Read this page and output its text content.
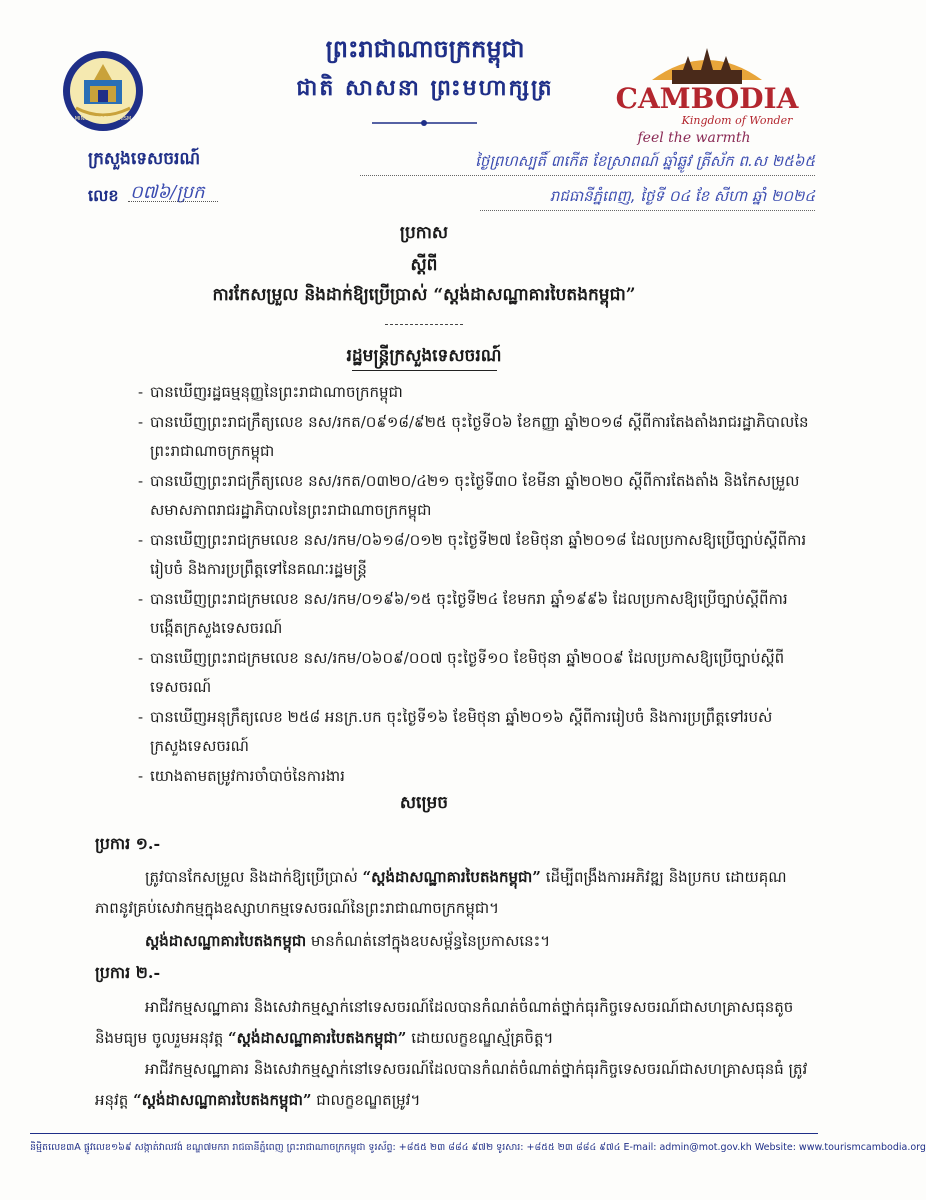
MINISTRY OF TOURISM
CAMBODIA
Kingdom of Wonder
feel the warmth
ព្រះរាជាណាចក្រកម្ពុជា
ជាតិ សាសនា ព្រះមហាក្សត្រ
ក្រសួងទេសចរណ៍
លេខ ០៧៦/ប្រក
ថ្ងៃព្រហស្បតិ៍ ៣កើត ខែស្រាពណ៍ ឆ្នាំឆ្លូវ ត្រីស័ក ព.ស ២៥៦៥
រាជធានីភ្នំពេញ, ថ្ងៃទី ០៤ ខែ សីហា ឆ្នាំ ២០២៤
ប្រកាស
ស្តីពី
ការកែសម្រួល និងដាក់ឱ្យប្រើប្រាស់ “ស្តង់ដាសណ្ឋាគារបៃតងកម្ពុជា”
រដ្ឋមន្ត្រីក្រសួងទេសចរណ៍
- បានឃើញរដ្ឋធម្មនុញ្ញនៃព្រះរាជាណាចក្រកម្ពុជា
- បានឃើញព្រះរាជក្រឹត្យលេខ នស/រកត/០៩១៨/៩២៥ ចុះថ្ងៃទី០៦ ខែកញ្ញា ឆ្នាំ២០១៨ ស្តីពីការតែងតាំងរាជរដ្ឋាភិបាលនៃព្រះរាជាណាចក្រកម្ពុជា
- បានឃើញព្រះរាជក្រឹត្យលេខ នស/រកត/០៣២០/៤២១ ចុះថ្ងៃទី៣០ ខែមីនា ឆ្នាំ២០២០ ស្តីពីការតែងតាំង និងកែសម្រួលសមាសភាពរាជរដ្ឋាភិបាលនៃព្រះរាជាណាចក្រកម្ពុជា
- បានឃើញព្រះរាជក្រមលេខ នស/រកម/០៦១៨/០១២ ចុះថ្ងៃទី២៧ ខែមិថុនា ឆ្នាំ២០១៨ ដែលប្រកាសឱ្យប្រើច្បាប់ស្តីពីការរៀបចំ និងការប្រព្រឹត្តទៅនៃគណៈរដ្ឋមន្ត្រី
- បានឃើញព្រះរាជក្រមលេខ នស/រកម/០១៩៦/១៥ ចុះថ្ងៃទី២៤ ខែមករា ឆ្នាំ១៩៩៦ ដែលប្រកាសឱ្យប្រើច្បាប់ស្តីពីការបង្កើតក្រសួងទេសចរណ៍
- បានឃើញព្រះរាជក្រមលេខ នស/រកម/០៦០៩/០០៧ ចុះថ្ងៃទី១០ ខែមិថុនា ឆ្នាំ២០០៩ ដែលប្រកាសឱ្យប្រើច្បាប់ស្តីពីទេសចរណ៍
- បានឃើញអនុក្រឹត្យលេខ ២៥៨ អនក្រ.បក ចុះថ្ងៃទី១៦ ខែមិថុនា ឆ្នាំ២០១៦ ស្តីពីការរៀបចំ និងការប្រព្រឹត្តទៅរបស់ក្រសួងទេសចរណ៍
- យោងតាមតម្រូវការចាំបាច់នៃការងារ
សម្រេច
ប្រការ ១.-
ត្រូវបានកែសម្រួល និងដាក់ឱ្យប្រើប្រាស់ “ស្តង់ដាសណ្ឋាគារបៃតងកម្ពុជា” ដើម្បីពង្រឹងការអភិវឌ្ឍ និងប្រកប ដោយគុណភាពនូវគ្រប់សេវាកម្មក្នុងឧស្សាហកម្មទេសចរណ៍នៃព្រះរាជាណាចក្រកម្ពុជា។
ស្តង់ដាសណ្ឋាគារបៃតងកម្ពុជា មានកំណត់នៅក្នុងឧបសម្ព័ន្ធនៃប្រកាសនេះ។
ប្រការ ២.-
អាជីវកម្មសណ្ឋាគារ និងសេវាកម្មស្នាក់នៅទេសចរណ៍ដែលបានកំណត់ចំណាត់ថ្នាក់ធុរកិច្ចទេសចរណ៍ជាសហគ្រាសធុនតូច និងមធ្យម ចូលរួមអនុវត្ត “ស្តង់ដាសណ្ឋាគារបៃតងកម្ពុជា” ដោយលក្ខខណ្ឌស្ម័គ្រចិត្ត។
អាជីវកម្មសណ្ឋាគារ និងសេវាកម្មស្នាក់នៅទេសចរណ៍ដែលបានកំណត់ចំណាត់ថ្នាក់ធុរកិច្ចទេសចរណ៍ជាសហគ្រាសធុនធំ ត្រូវអនុវត្ត “ស្តង់ដាសណ្ឋាគារបៃតងកម្ពុជា” ជាលក្ខខណ្ឌតម្រូវ។
និម្មិតលេខ៣A ផ្លូវលេខ១៦៩ សង្កាត់វាលវង់ ខណ្ឌ៧មករា រាជធានីភ្នំពេញ ព្រះរាជាណាចក្រកម្ពុជា ទូរស័ព្ទ: +៨៥៥ ២៣ ៨៨៤ ៩៧២ ទូរសារ: +៨៥៥ ២៣ ៨៨៤ ៩៧៤ E-mail: admin@mot.gov.kh Website: www.tourismcambodia.org
